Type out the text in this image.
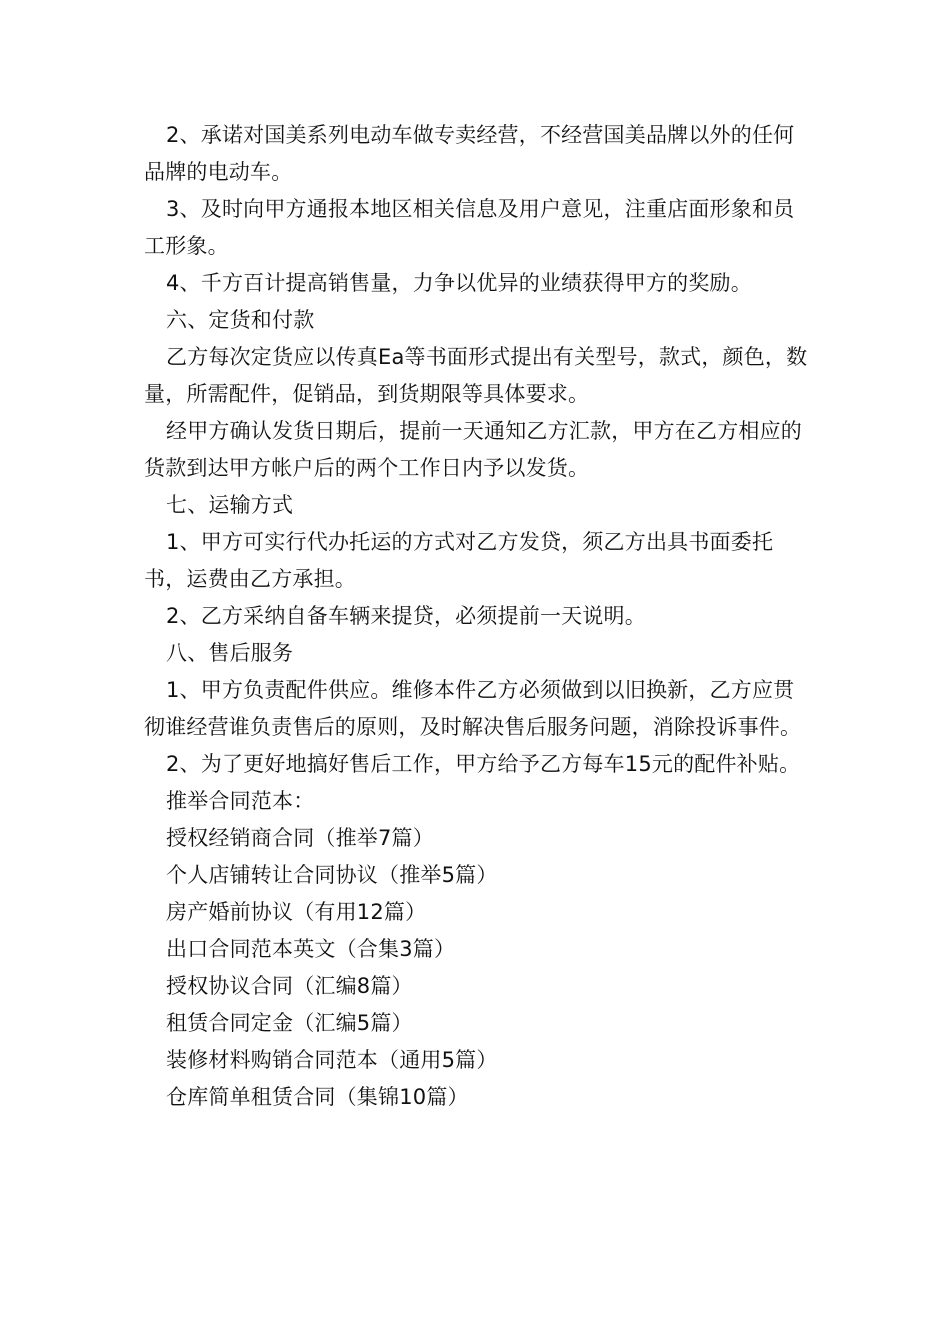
2、承诺对国美系列电动车做专卖经营，不经营国美品牌以外的任何品牌的电动车。

3、及时向甲方通报本地区相关信息及用户意见，注重店面形象和员工形象。

4、千方百计提高销售量，力争以优异的业绩获得甲方的奖励。

六、定货和付款

乙方每次定货应以传真Ea等书面形式提出有关型号，款式，颜色，数量，所需配件，促销品，到货期限等具体要求。

经甲方确认发货日期后，提前一天通知乙方汇款，甲方在乙方相应的货款到达甲方帐户后的两个工作日内予以发货。

七、运输方式

1、甲方可实行代办托运的方式对乙方发贷，须乙方出具书面委托书，运费由乙方承担。

2、乙方采纳自备车辆来提贷，必须提前一天说明。

八、售后服务

1、甲方负责配件供应。维修本件乙方必须做到以旧换新，乙方应贯彻谁经营谁负责售后的原则，及时解决售后服务问题，消除投诉事件。

2、为了更好地搞好售后工作，甲方给予乙方每车15元的配件补贴。

推举合同范本：

授权经销商合同（推举7篇）

个人店铺转让合同协议（推举5篇）

房产婚前协议（有用12篇）

出口合同范本英文（合集3篇）

授权协议合同（汇编8篇）

租赁合同定金（汇编5篇）

装修材料购销合同范本（通用5篇）

仓库简单租赁合同（集锦10篇）
